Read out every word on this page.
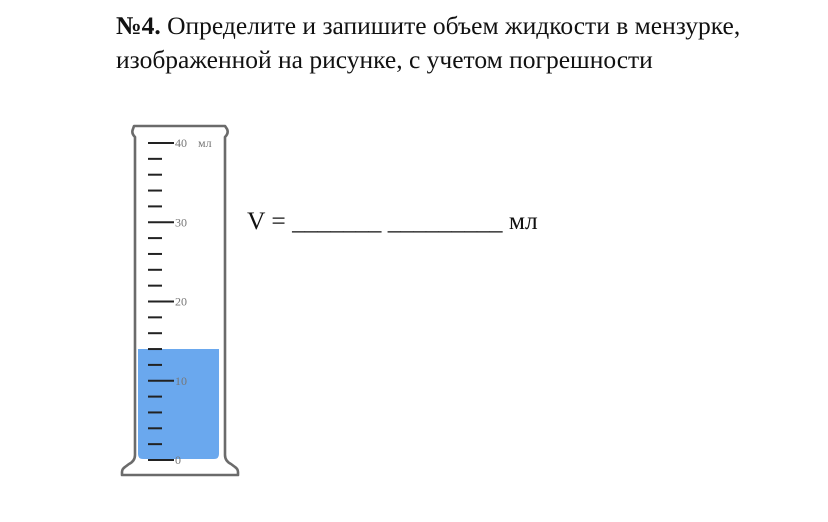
№4. Определите и запишите объем жидкости в мензурке, изображенной на рисунке, с учетом погрешности

V = _______ _________ мл
0
10
20
30
40 мл
